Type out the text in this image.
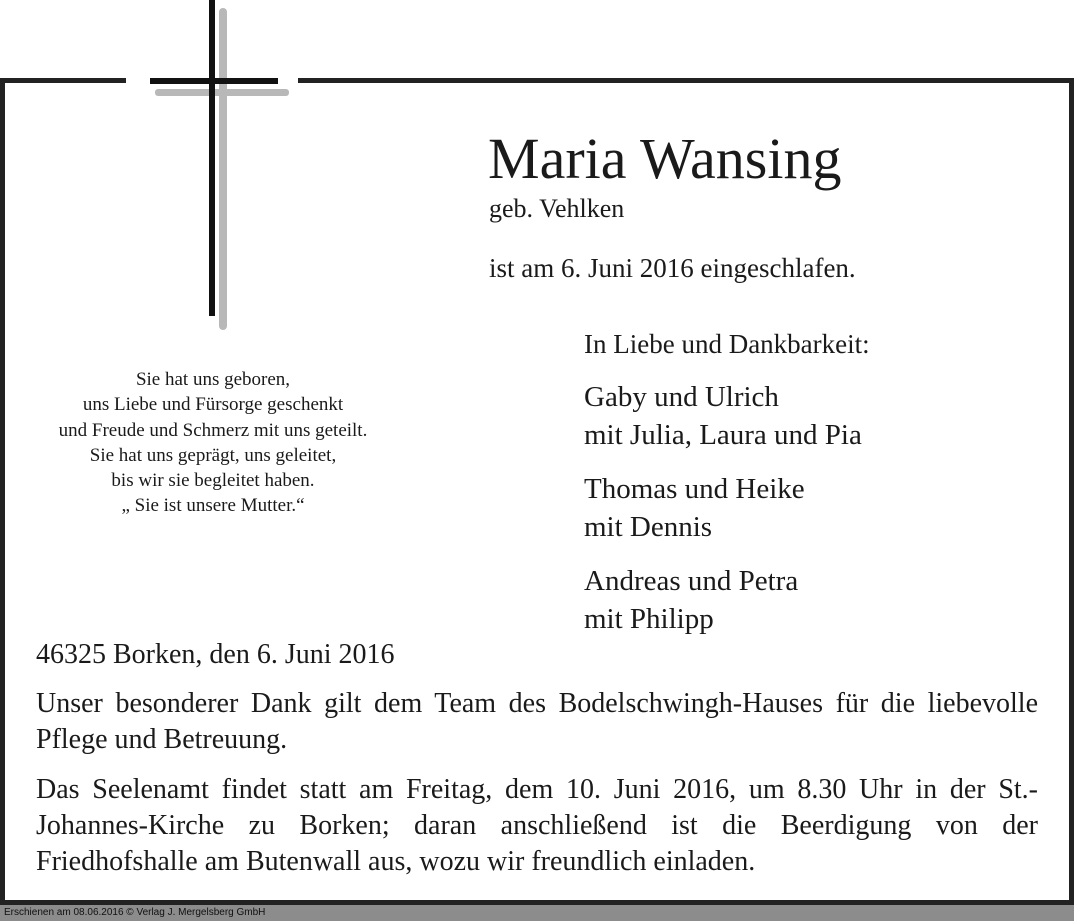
Maria Wansing
geb. Vehlken
ist am 6. Juni 2016 eingeschlafen.
Sie hat uns geboren,
uns Liebe und Fürsorge geschenkt
und Freude und Schmerz mit uns geteilt.
Sie hat uns geprägt, uns geleitet,
bis wir sie begleitet haben.
„ Sie ist unsere Mutter.“
In Liebe und Dankbarkeit:
Gaby und Ulrich
mit Julia, Laura und Pia
Thomas und Heike
mit Dennis
Andreas und Petra
mit Philipp
46325 Borken, den 6. Juni 2016
Unser besonderer Dank gilt dem Team des Bodelschwingh-Hauses für die liebevolle Pflege und Betreuung.
Das Seelenamt findet statt am Freitag, dem 10. Juni 2016, um 8.30 Uhr in der St.-Johannes-Kirche zu Borken; daran anschließend ist die Beerdigung von der Friedhofshalle am Butenwall aus, wozu wir freundlich einladen.
Erschienen am 08.06.2016 © Verlag J. Mergelsberg GmbH
